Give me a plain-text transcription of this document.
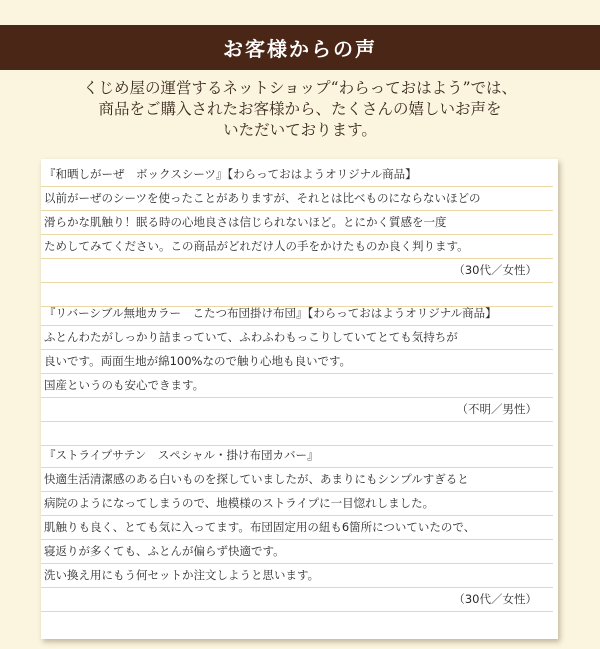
お客様からの声
くじめ屋の運営するネットショップ“わらっておはよう”では、
商品をご購入されたお客様から、たくさんの嬉しいお声を
いただいております。
『和晒しがーぜ　ボックスシーツ』【わらっておはようオリジナル商品】
以前がーぜのシーツを使ったことがありますが、それとは比べものにならないほどの
滑らかな肌触り！眠る時の心地良さは信じられないほど。とにかく質感を一度
ためしてみてください。この商品がどれだけ人の手をかけたものか良く判ります。
（30代／女性）
『リバーシブル無地カラー　こたつ布団掛け布団』【わらっておはようオリジナル商品】
ふとんわたがしっかり詰まっていて、ふわふわもっこりしていてとても気持ちが
良いです。両面生地が綿100%なので触り心地も良いです。
国産というのも安心できます。
（不明／男性）
『ストライプサテン　スペシャル・掛け布団カバー』
快適生活清潔感のある白いものを探していましたが、あまりにもシンプルすぎると
病院のようになってしまうので、地模様のストライプに一目惚れしました。
肌触りも良く、とても気に入ってます。布団固定用の紐も6箇所についていたので、
寝返りが多くても、ふとんが偏らず快適です。
洗い換え用にもう何セットか注文しようと思います。
（30代／女性）
